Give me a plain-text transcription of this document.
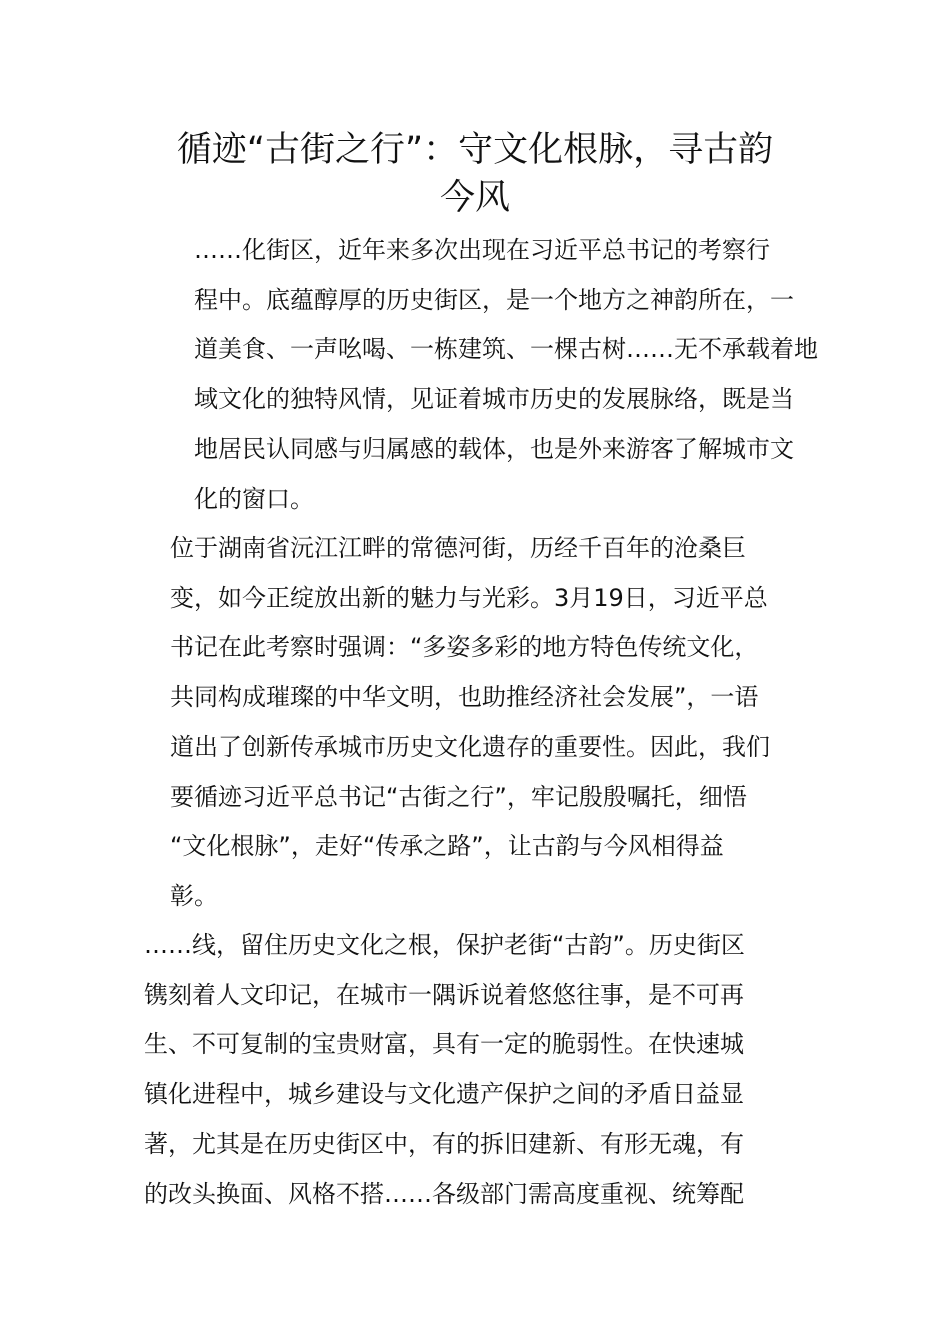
循迹“古街之行”：守文化根脉，寻古韵
今风

……化街区，近年来多次出现在习近平总书记的考察行
程中。底蕴醇厚的历史街区，是一个地方之神韵所在，一
道美食、一声吆喝、一栋建筑、一棵古树……无不承载着地
域文化的独特风情，见证着城市历史的发展脉络，既是当
地居民认同感与归属感的载体，也是外来游客了解城市文
化的窗口。

位于湖南省沅江江畔的常德河街，历经千百年的沧桑巨
变，如今正绽放出新的魅力与光彩。3月19日，习近平总
书记在此考察时强调：“多姿多彩的地方特色传统文化，
共同构成璀璨的中华文明，也助推经济社会发展”，一语
道出了创新传承城市历史文化遗存的重要性。因此，我们
要循迹习近平总书记“古街之行”，牢记殷殷嘱托，细悟
“文化根脉”，走好“传承之路”，让古韵与今风相得益
彰。

……线，留住历史文化之根，保护老街“古韵”。历史街区
镌刻着人文印记，在城市一隅诉说着悠悠往事，是不可再
生、不可复制的宝贵财富，具有一定的脆弱性。在快速城
镇化进程中，城乡建设与文化遗产保护之间的矛盾日益显
著，尤其是在历史街区中，有的拆旧建新、有形无魂，有
的改头换面、风格不搭……各级部门需高度重视、统筹配
